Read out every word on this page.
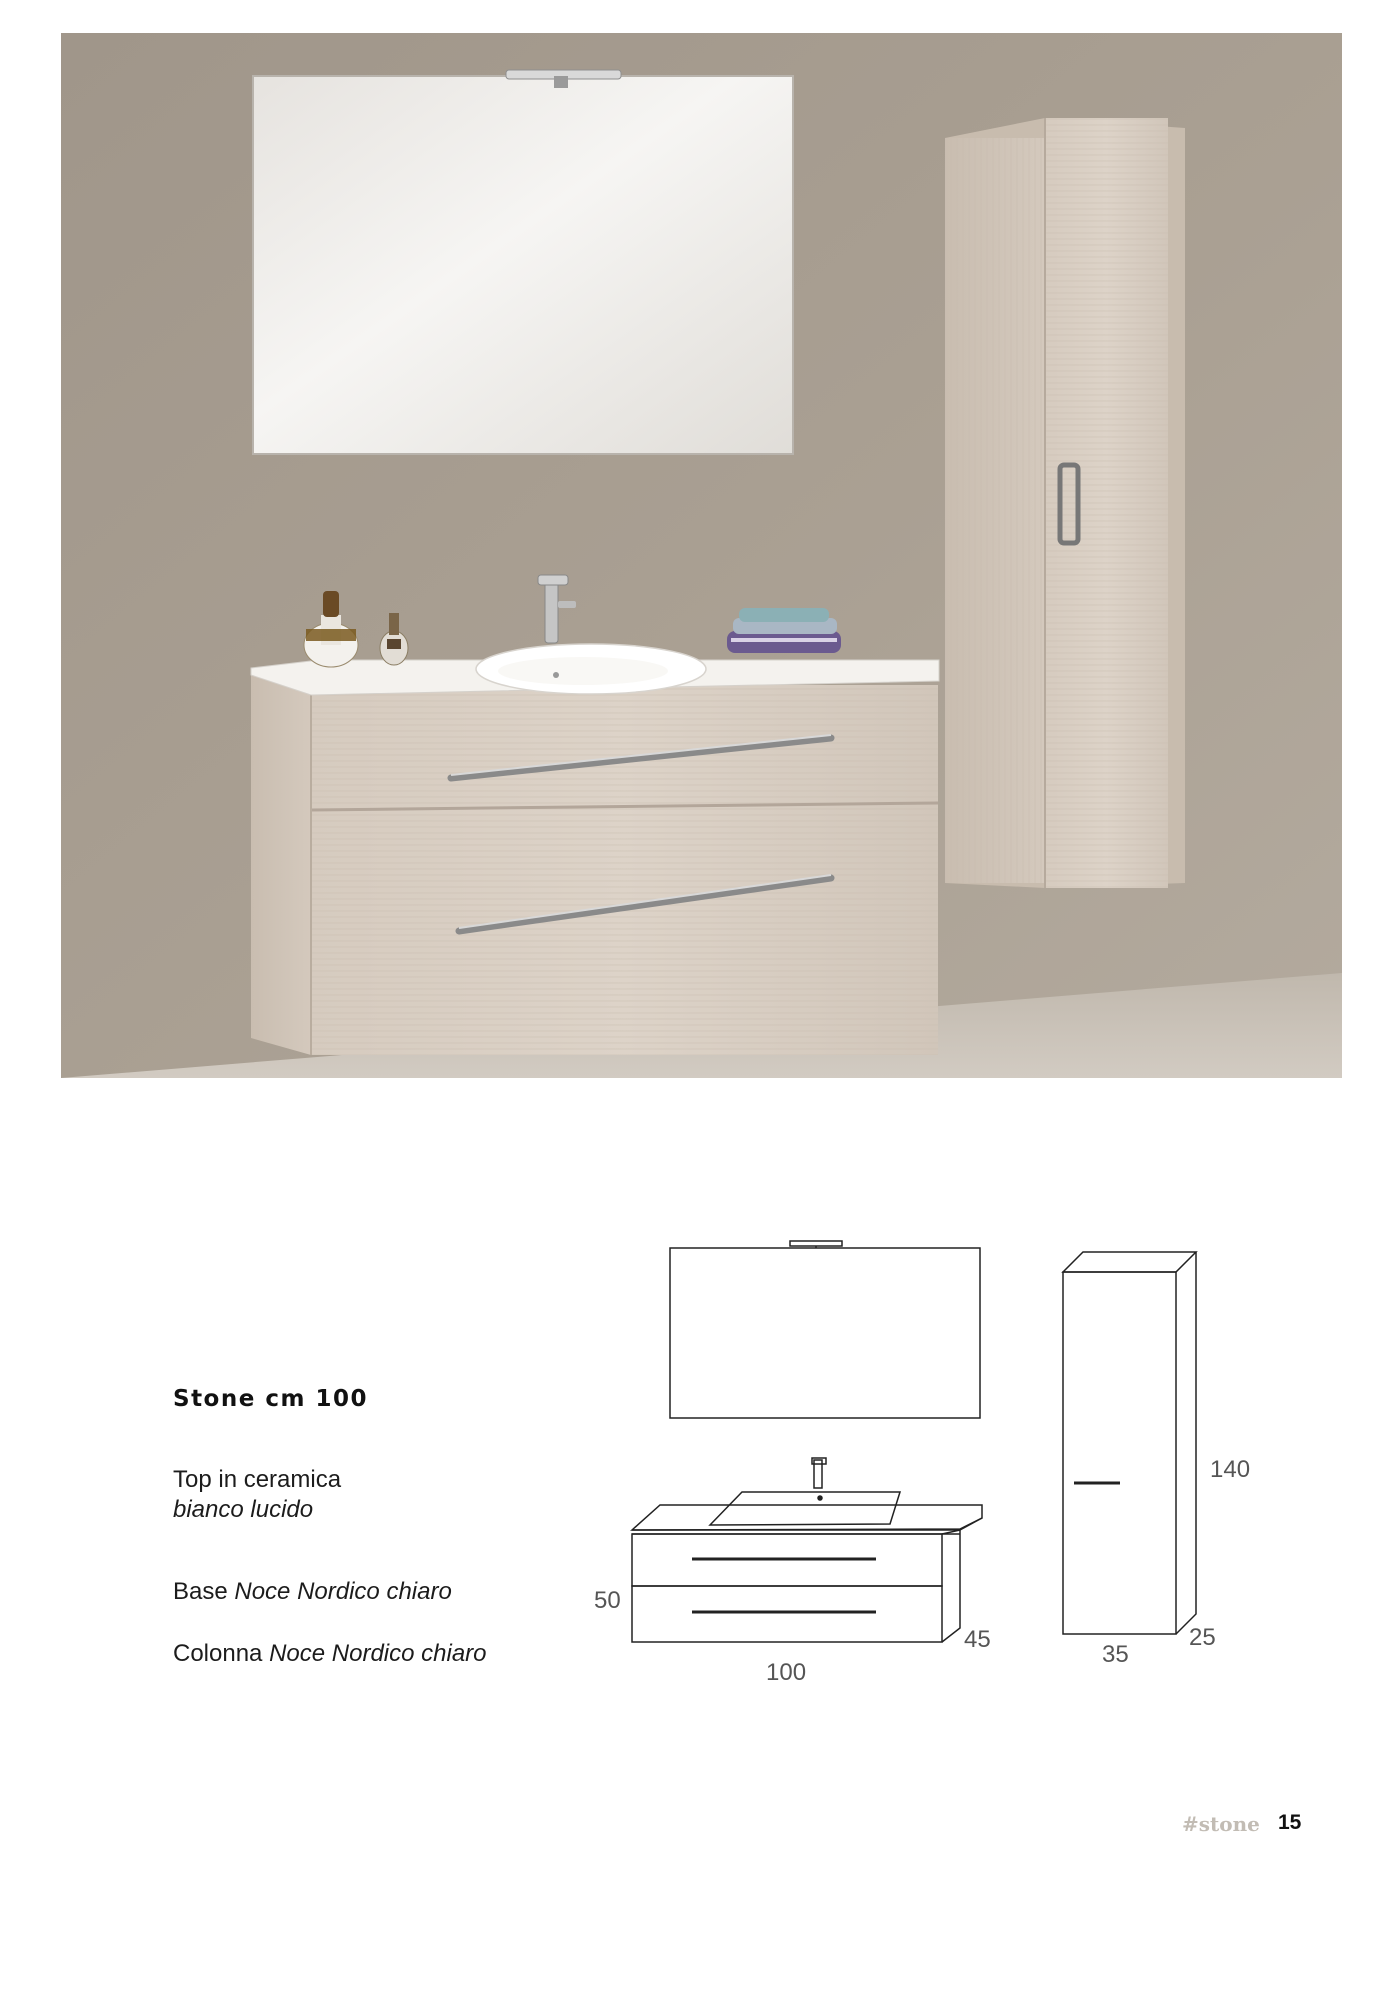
Stone cm 100
Top in ceramica
bianco lucido
Base Noce Nordico chiaro
Colonna Noce Nordico chiaro
50
100
45
140
35
25
#stone 15
